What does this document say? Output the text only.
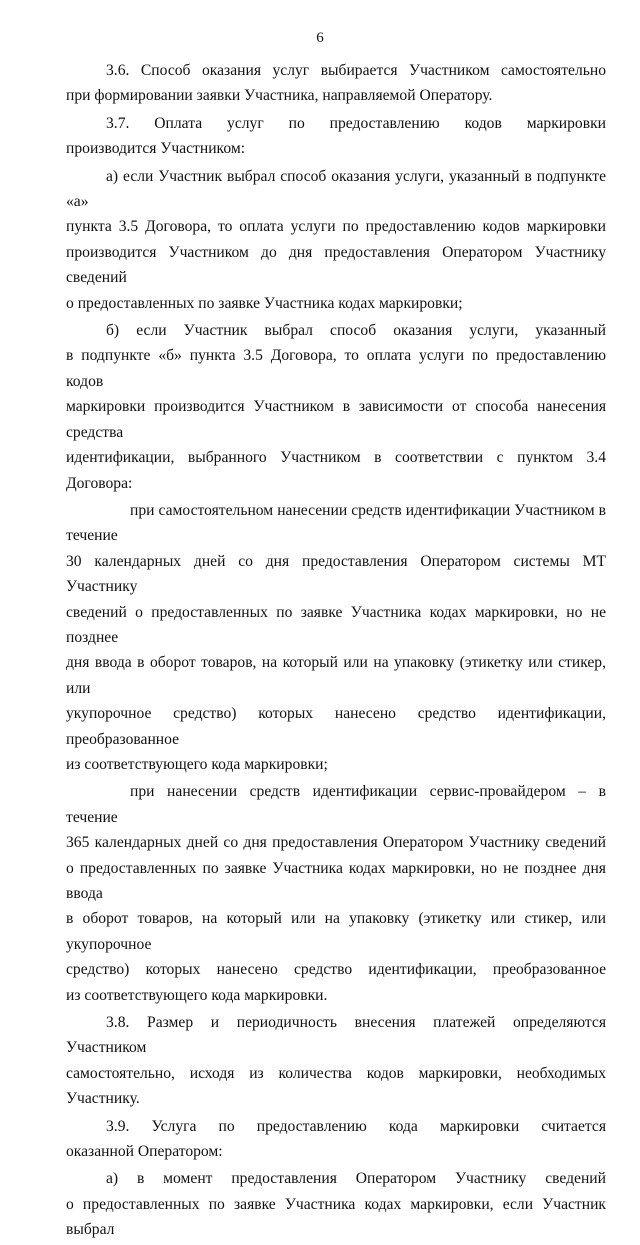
6

3.6. Способ оказания услуг выбирается Участником самостоятельно
при формировании заявки Участника, направляемой Оператору.

3.7. Оплата услуг по предоставлению кодов маркировки
производится Участником:

а) если Участник выбрал способ оказания услуги, указанный в подпункте «а»
пункта 3.5 Договора, то оплата услуги по предоставлению кодов маркировки
производится Участником до дня предоставления Оператором Участнику сведений
о предоставленных по заявке Участника кодах маркировки;

б) если Участник выбрал способ оказания услуги, указанный
в подпункте «б» пункта 3.5 Договора, то оплата услуги по предоставлению кодов
маркировки производится Участником в зависимости от способа нанесения средства
идентификации, выбранного Участником в соответствии с пунктом 3.4 Договора:

при самостоятельном нанесении средств идентификации Участником в течение
30 календарных дней со дня предоставления Оператором системы МТ Участнику
сведений о предоставленных по заявке Участника кодах маркировки, но не позднее
дня ввода в оборот товаров, на который или на упаковку (этикетку или стикер, или
укупорочное средство) которых нанесено средство идентификации, преобразованное
из соответствующего кода маркировки;

при нанесении средств идентификации сервис-провайдером – в течение
365 календарных дней со дня предоставления Оператором Участнику сведений
о предоставленных по заявке Участника кодах маркировки, но не позднее дня ввода
в оборот товаров, на который или на упаковку (этикетку или стикер, или укупорочное
средство) которых нанесено средство идентификации, преобразованное
из соответствующего кода маркировки.

3.8. Размер и периодичность внесения платежей определяются Участником
самостоятельно, исходя из количества кодов маркировки, необходимых Участнику.

3.9. Услуга по предоставлению кода маркировки считается
оказанной Оператором:

а) в момент предоставления Оператором Участнику сведений
о предоставленных по заявке Участника кодах маркировки, если Участник выбрал
